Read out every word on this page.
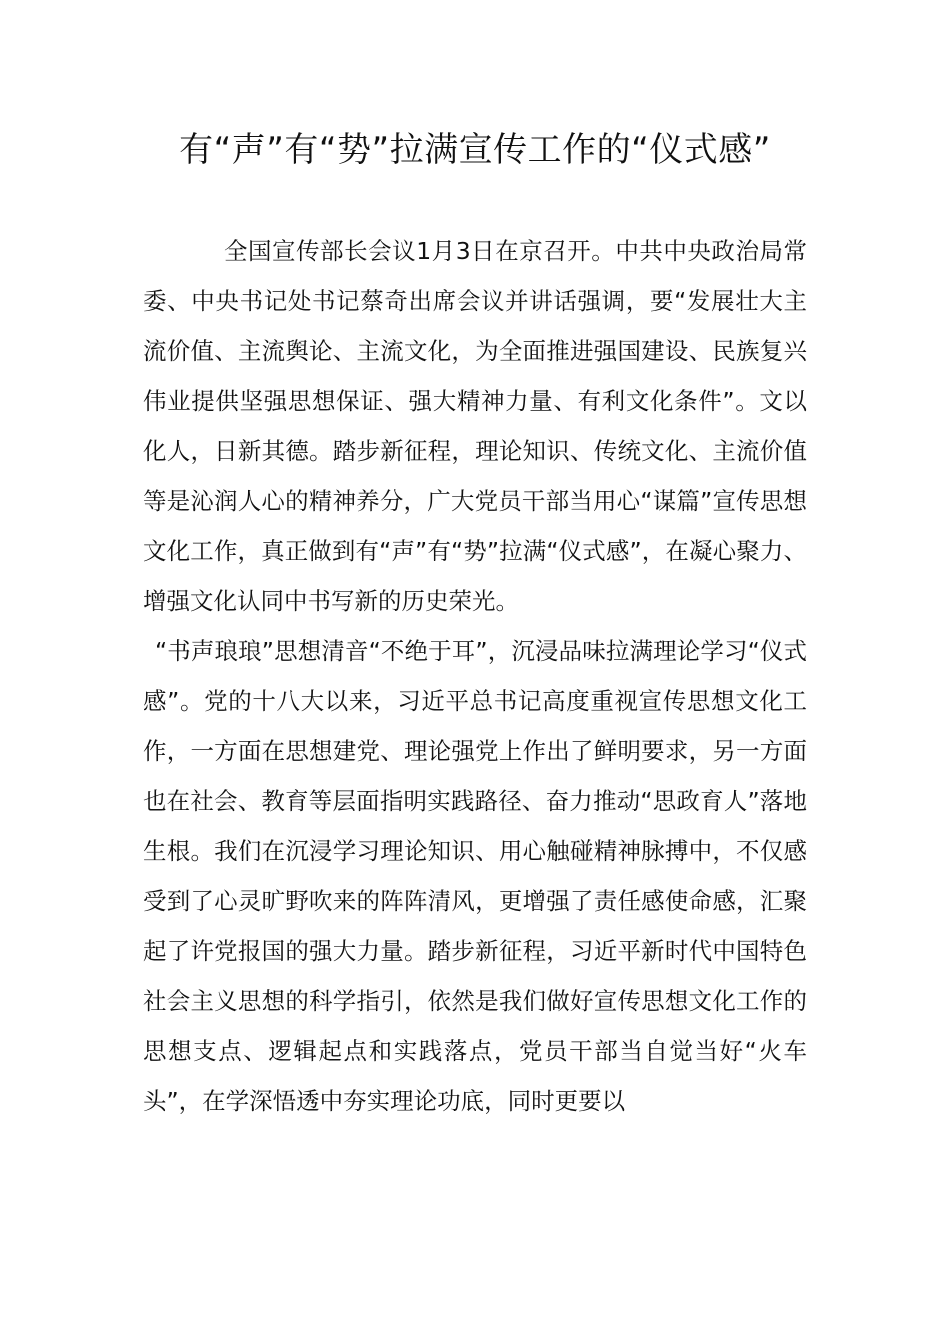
有“声”有“势”拉满宣传工作的“仪式感”

全国宣传部长会议1月3日在京召开。中共中央政治局常委、中央书记处书记蔡奇出席会议并讲话强调，要“发展壮大主流价值、主流舆论、主流文化，为全面推进强国建设、民族复兴伟业提供坚强思想保证、强大精神力量、有利文化条件”。文以化人，日新其德。踏步新征程，理论知识、传统文化、主流价值等是沁润人心的精神养分，广大党员干部当用心“谋篇”宣传思想文化工作，真正做到有“声”有“势”拉满“仪式感”，在凝心聚力、增强文化认同中书写新的历史荣光。

“书声琅琅”思想清音“不绝于耳”，沉浸品味拉满理论学习“仪式感”。党的十八大以来，习近平总书记高度重视宣传思想文化工作，一方面在思想建党、理论强党上作出了鲜明要求，另一方面也在社会、教育等层面指明实践路径、奋力推动“思政育人”落地生根。我们在沉浸学习理论知识、用心触碰精神脉搏中，不仅感受到了心灵旷野吹来的阵阵清风，更增强了责任感使命感，汇聚起了许党报国的强大力量。踏步新征程，习近平新时代中国特色社会主义思想的科学指引，依然是我们做好宣传思想文化工作的思想支点、逻辑起点和实践落点，党员干部当自觉当好“火车头”，在学深悟透中夯实理论功底，同时更要以
